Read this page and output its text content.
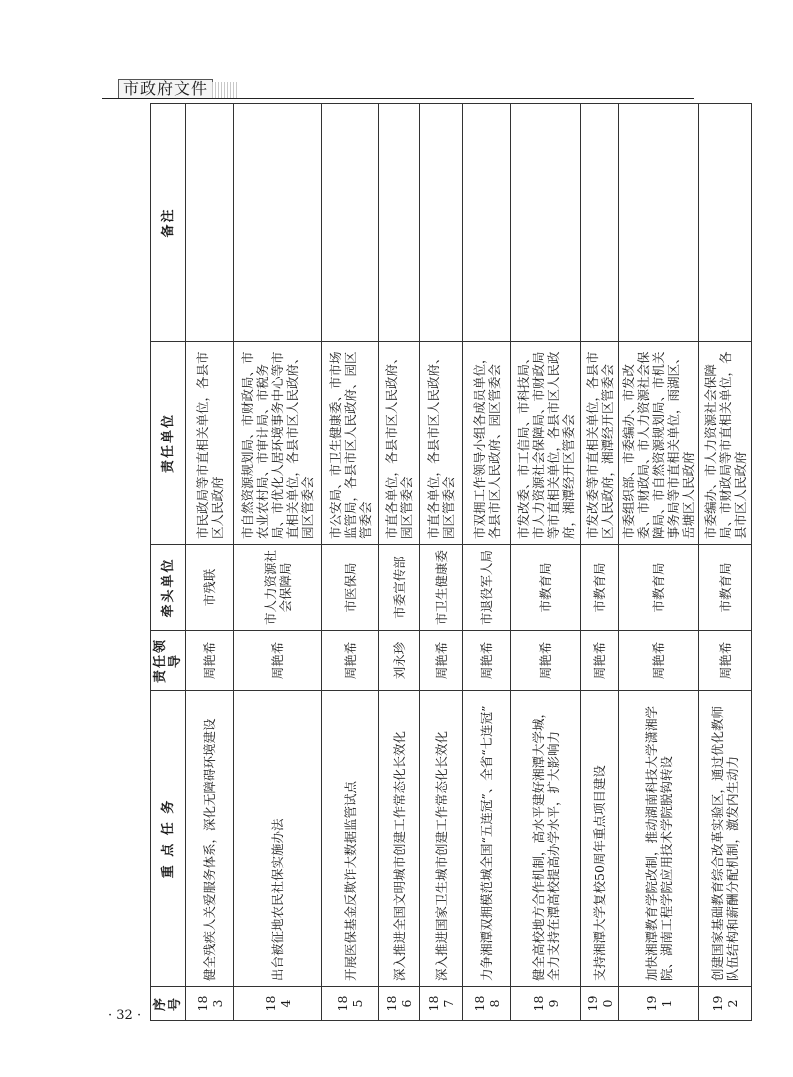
市政府文件
序号	重 点 任 务	责任领导	牵头单位	责任单位	备注
183	健全残疾人关爱服务体系，深化无障碍环境建设	周艳希	市残联	市民政局等市直相关单位，各县市区人民政府	
184	出台被征地农民社保实施办法	周艳希	市人力资源社会保障局	市自然资源规划局、市财政局、市农业农村局、市审计局、市税务局、市优化人居环境事务中心等市直相关单位，各县市区人民政府、园区管委会	
185	开展医保基金反欺诈大数据监管试点	周艳希	市医保局	市公安局、市卫生健康委、市市场监管局，各县市区人民政府、园区管委会	
186	深入推进全国文明城市创建工作常态化长效化	刘永珍	市委宣传部	市直各单位，各县市区人民政府、园区管委会	
187	深入推进国家卫生城市创建工作常态化长效化	周艳希	市卫生健康委	市直各单位，各县市区人民政府、园区管委会	
188	力争湘潭双拥模范城全国“五连冠”、全省“七连冠”	周艳希	市退役军人局	市双拥工作领导小组各成员单位，各县市区人民政府、园区管委会	
189	健全高校地方合作机制，高水平建好湘潭大学城，全力支持在潭高校提高办学水平，扩大影响力	周艳希	市教育局	市发改委、市工信局、市科技局、市人力资源社会保障局、市财政局等市直相关单位，各县市区人民政府，湘潭经开区管委会	
190	支持湘潭大学复校50周年重点项目建设	周艳希	市教育局	市发改委等市直相关单位，各县市区人民政府，湘潭经开区管委会	
191	加快湘潭教育学院改制，推动湖南科技大学潇湘学院、湖南工程学院应用技术学院脱钩转设	周艳希	市教育局	市委组织部、市委编办、市发改委、市财政局、市人力资源社会保障局、市自然资源规划局、市机关事务局等市直相关单位，雨湖区、岳塘区人民政府	
192	创建国家基础教育综合改革实验区，通过优化教师队伍结构和薪酬分配机制，激发内生动力	周艳希	市教育局	市委编办、市人力资源社会保障局、市财政局等市直相关单位，各县市区人民政府	
· 32 ·
